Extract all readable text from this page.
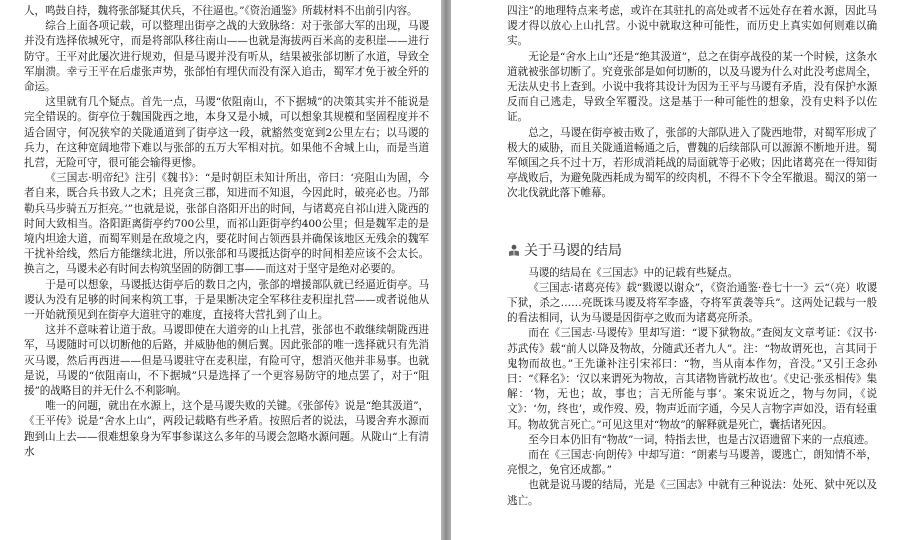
人，鸣鼓自持，魏将张郃疑其伏兵，不往逼也。”《资治通鉴》所载材料不出前引内容。

综合上面各项记载，可以整理出街亭之战的大致脉络：对于张郃大军的出现，马谡并没有选择依城死守，而是将部队移往南山——也就是海拔两百米高的麦积崖——进行防守。王平对此屡次进行规劝，但是马谡并没有听从，结果被张郃切断了水道，导致全军崩溃。幸亏王平在后虚张声势，张郃怕有埋伏而没有深入追击，蜀军才免于被全歼的命运。

这里就有几个疑点。首先一点，马谡“依阻南山，不下据城”的决策其实并不能说是完全错误的。街亭位于魏国陇西之地，本身又是小城，可以想象其规模和坚固程度并不适合固守，何况狭窄的关陇通道到了街亭这一段，就豁然变宽到2公里左右；以马谡的兵力，在这种宽阔地带下难以与张郃的五万大军相对抗。如果他不舍城上山，而是当道扎营，无险可守，很可能会输得更惨。

《三国志·明帝纪》注引《魏书》：“是时朝臣未知计所出，帝曰：‘亮阻山为固，今者自来，既合兵书致人之术；且亮贪三郡，知进而不知退，今因此时，破亮必也。乃部勒兵马步骑五万拒亮。’”也就是说，张郃自洛阳开出的时间，与诸葛亮自祁山进入陇西的时间大致相当。洛阳距离街亭约700公里，而祁山距街亭约400公里；但是魏军走的是境内坦途大道，而蜀军则是在敌境之内，要花时间占领西县并确保该地区无残余的魏军干扰补给线，然后方能继续北进，所以张郃和马谡抵达街亭的时间相差应该不会太长。换言之，马谡未必有时间去构筑坚固的防御工事——而这对于坚守是绝对必要的。

于是可以想象，马谡抵达街亭后的数日之内，张郃的增援部队就已经逼近街亭。马谡认为没有足够的时间来构筑工事，于是果断决定全军移往麦积崖扎营——或者说他从一开始就预见到在街亭大道驻守的难度，直接将大营扎到了山上。

这并不意味着让道于敌。马谡即使在大道旁的山上扎营，张郃也不敢继续朝陇西进军，马谡随时可以切断他的后路，并威胁他的侧后翼。因此张郃的唯一选择就只有先消灭马谡，然后再西进——但是马谡驻守在麦积崖，有险可守，想消灭他并非易事。也就是说，马谡的“依阻南山，不下据城”只是选择了一个更容易防守的地点罢了，对于“阻援”的战略目的并无什么不利影响。

唯一的问题，就出在水源上，这个是马谡失败的关键。《张郃传》说是“绝其汲道”，《王平传》说是“舍水上山”，两段记载略有些矛盾。按照后者的说法，马谡舍弃水源而跑到山上去——很难想象身为军事参谋这么多年的马谡会忽略水源问题。从陇山“上有清水

四注”的地理特点来考虑，或许在其驻扎的高处或者不远处存在着水源，因此马谡才得以放心上山扎营。小说中就取这种可能性，而历史上真实如何则难以确实。

无论是“舍水上山”还是“绝其汲道”，总之在街亭战役的某一个时候，这条水道就被张郃切断了。究竟张郃是如何切断的，以及马谡为什么对此没考虑周全，无法从史书上查到。小说中我将其设计为因为王平与马谡有矛盾，没有保护水源反而自己逃走，导致全军覆没。这是基于一种可能性的想象，没有史料予以佐证。

总之，马谡在街亭被击败了，张郃的大部队进入了陇西地带，对蜀军形成了极大的威胁，而且关陇通道畅通之后，曹魏的后续部队可以源源不断地开进。蜀军倾国之兵不过十万，若形成消耗战的局面就等于必败；因此诸葛亮在一得知街亭战败后，为避免陇西耗成为蜀军的绞肉机，不得不下令全军撤退。蜀汉的第一次北伐就此落下帷幕。

关于马谡的结局

马谡的结局在《三国志》中的记载有些疑点。

《三国志·诸葛亮传》载“戮谡以谢众”，《资治通鉴·卷七十一》云“（亮）收谡下狱，杀之……亮既诛马谡及将军李盛，夺将军黄袭等兵”。这两处记载与一般的看法相同，认为马谡是因街亭之败而为诸葛亮所杀。

而在《三国志·马谡传》里却写道：“谡下狱物故。”查阅友文章考证：《汉书·苏武传》载“前人以降及物故，分随武还者九人”。注：“物故谓死也，言其同于鬼物而故也。”王先谦补注引宋祁曰：“物，当从南本作勿，音没。”又引王念孙曰：“《释名》：‘汉以来谓死为物故，言其诸物皆就朽故也’。《史记·张丞相传》集解：‘物，无也；故，事也；言无所能与事’。案宋说近之，物与勿同，《说文》：‘勿，终也’，或作歿、殁，物声近而字通，今吴人言物字声如没，语有轻重耳。物故犹言死亡。”可见这里对“物故”的解释就是死亡，囊括诸死因。

至今日本仍旧有“物故”一词，特指去世，也是古汉语遗留下来的一点痕迹。

而在《三国志·向朗传》中却写道：“朗素与马谡善，谡逃亡，朗知情不举，亮恨之，免官还成都。”

也就是说马谡的结局，光是《三国志》中就有三种说法：处死、狱中死以及逃亡。
